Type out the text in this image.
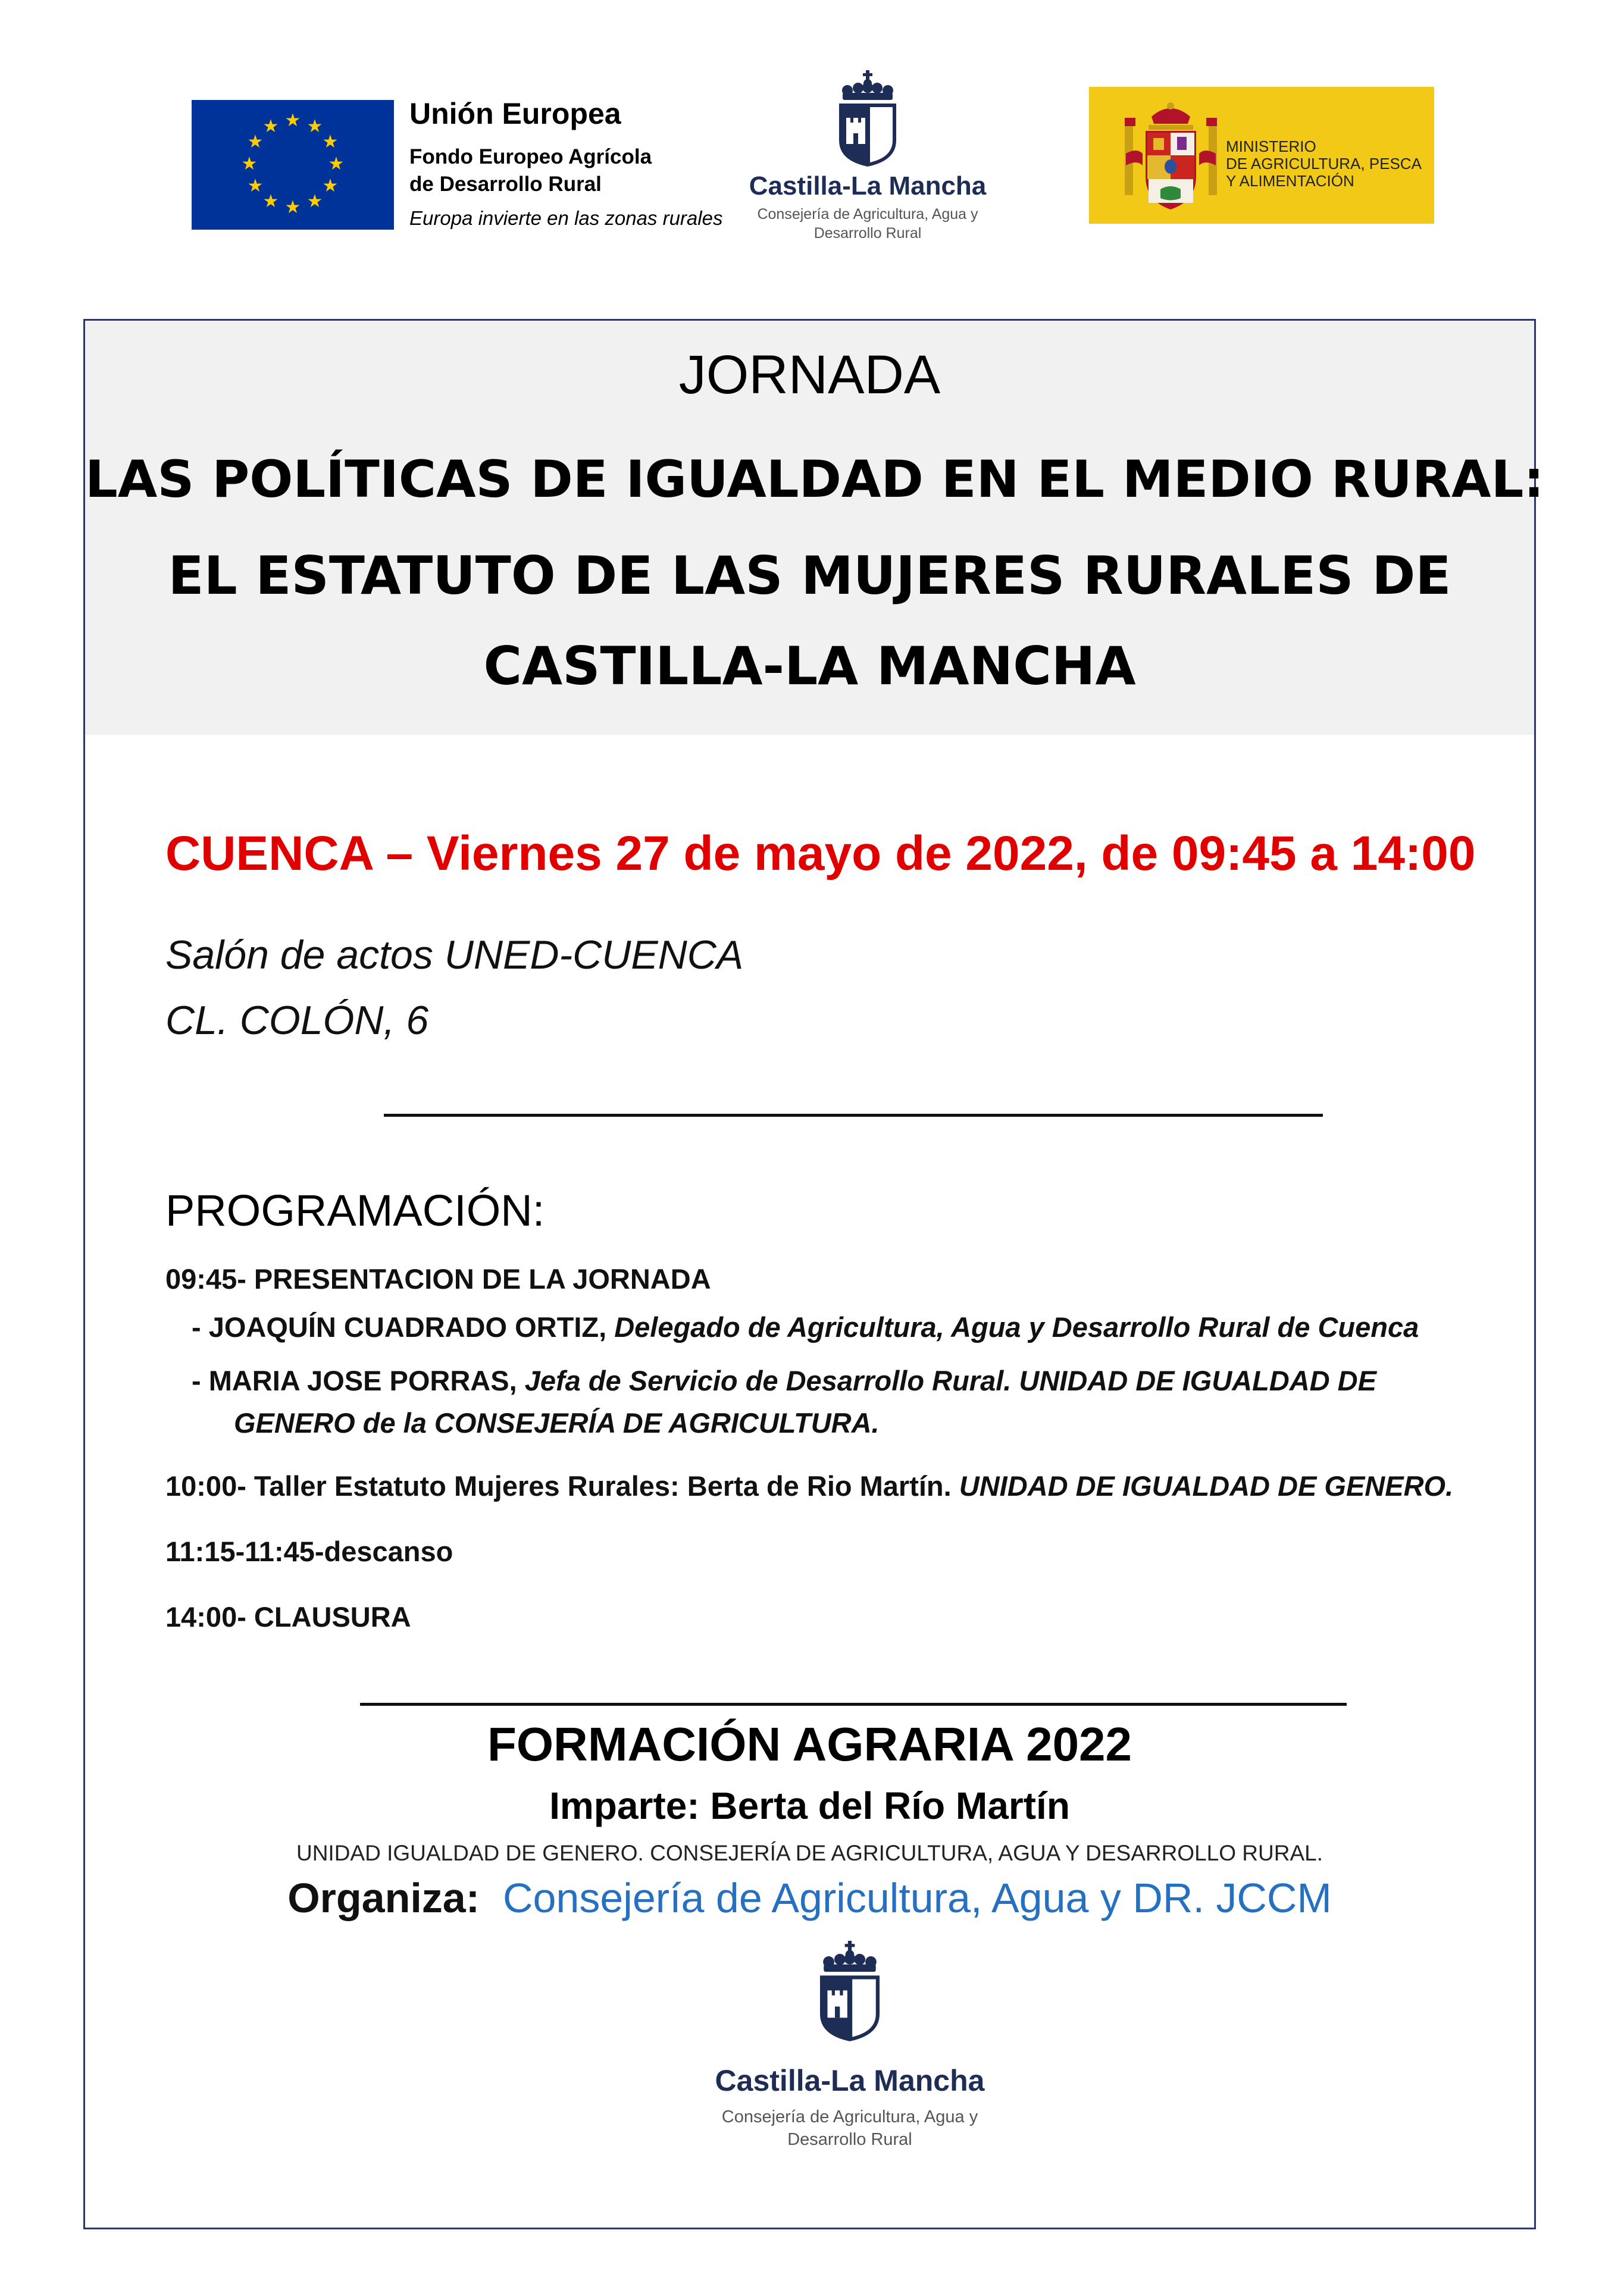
★ ★
★
★
★
★
★
★
★
★
★
★	Unión Europea
Fondo Europeo Agrícola
de Desarrollo Rural
Europa invierte en las zonas rurales
Castilla-La Mancha
Consejería de Agricultura, Agua y
Desarrollo Rural
MINISTERIO
DE AGRICULTURA, PESCA
Y ALIMENTACIÓN
JORNADA
LAS POLÍTICAS DE IGUALDAD EN EL MEDIO RURAL:
EL ESTATUTO DE LAS MUJERES RURALES DE
CASTILLA-LA MANCHA
CUENCA – Viernes 27 de mayo de 2022, de 09:45 a 14:00
Salón de actos UNED-CUENCA
CL. COLÓN, 6
PROGRAMACIÓN:
09:45- PRESENTACION DE LA JORNADA
- JOAQUÍN CUADRADO ORTIZ, Delegado de Agricultura, Agua y Desarrollo Rural de Cuenca
- MARIA JOSE PORRAS, Jefa de Servicio de Desarrollo Rural. UNIDAD DE IGUALDAD DE
GENERO de la CONSEJERÍA DE AGRICULTURA.
10:00- Taller Estatuto Mujeres Rurales: Berta de Rio Martín. UNIDAD DE IGUALDAD DE GENERO.
11:15-11:45-descanso
14:00- CLAUSURA
FORMACIÓN AGRARIA 2022
Imparte: Berta del Río Martín
UNIDAD IGUALDAD DE GENERO. CONSEJERÍA DE AGRICULTURA, AGUA Y DESARROLLO RURAL.
Organiza: Consejería de Agricultura, Agua y DR. JCCM
Castilla-La Mancha
Consejería de Agricultura, Agua y
Desarrollo Rural
